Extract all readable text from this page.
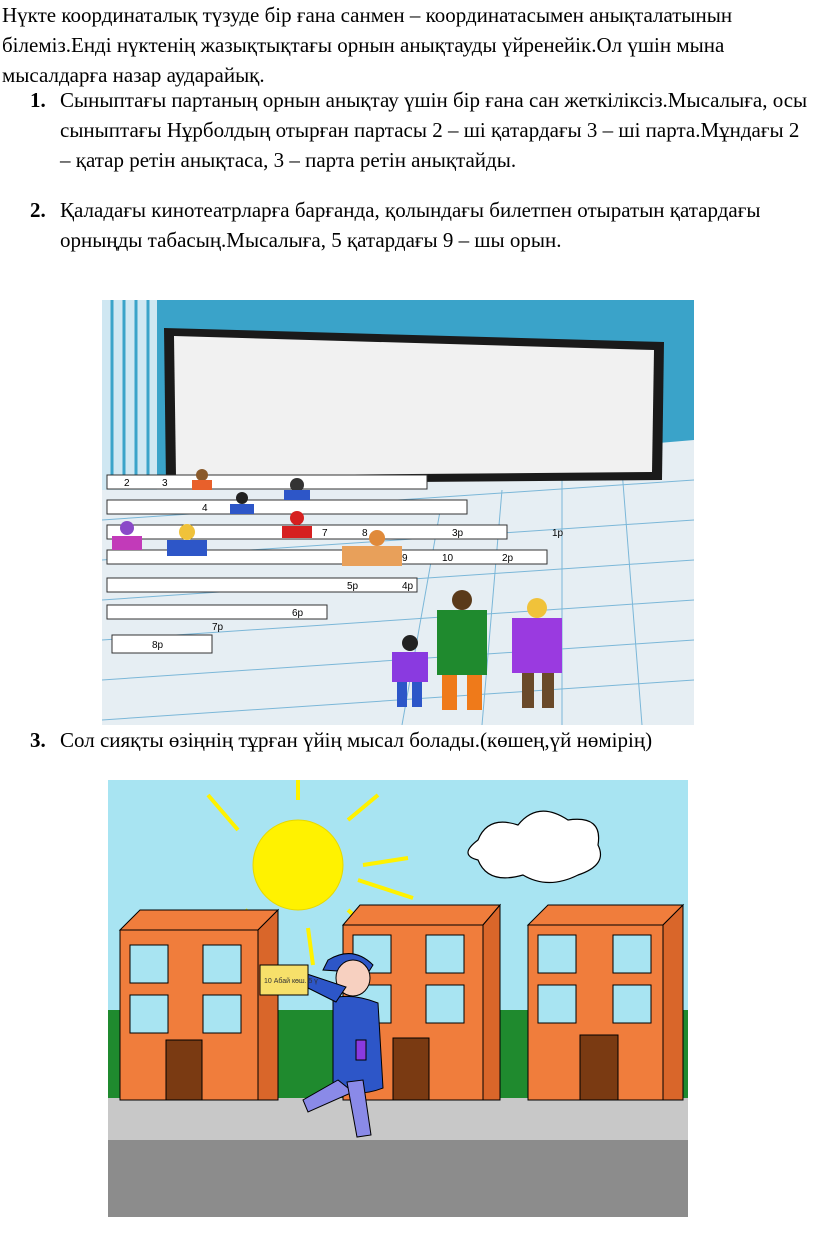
Нүкте координаталық түзуде бір ғана санмен – координатасымен анықталатынын білеміз.Енді нүктенің жазықтықтағы орнын анықтауды үйренейік.Ол үшін мына мысалдарға назар аударайық.
1. Сыныптағы партаның орнын анықтау үшін бір ғана сан жеткіліксіз.Мысалыға, осы сыныптағы Нұрболдың отырған партасы 2 – ші қатардағы 3 – ші парта.Мұндағы 2 – қатар ретін анықтаса, 3 – парта ретін анықтайды.
2. Қаладағы кинотеатрларға барғанда, қолындағы билетпен отыратын қатардағы орныңды табасың.Мысалыға, 5 қатардағы 9 – шы орын.
2	3
4
7	8
9	10	2р
3р
4р
5р
6р
7р
8р
1р
3. Сол сияқты өзіңнің тұрған үйің мысал болады.(көшең,үй нөмірің)
10 Абай көш. 5 ү
